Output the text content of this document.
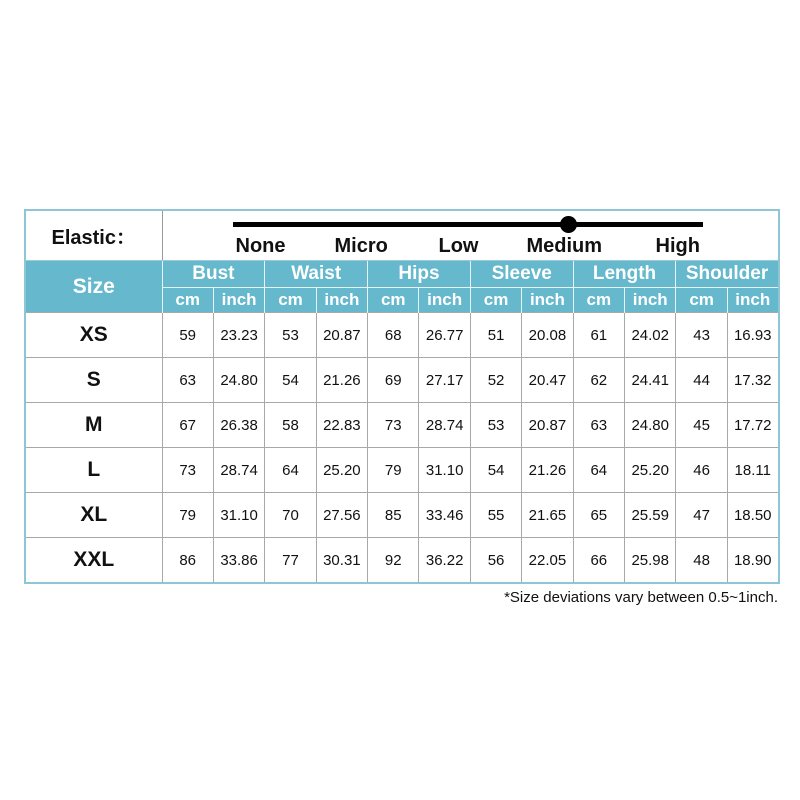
Elastic：	None Micro Low Medium High											

Size	Bust		Waist		Hips		Sleeve		Length		Shoulder	
	cm	inch	cm	inch	cm	inch	cm	inch	cm	inch	cm	inch
XS	59	23.23	53	20.87	68	26.77	51	20.08	61	24.02	43	16.93
S	63	24.80	54	21.26	69	27.17	52	20.47	62	24.41	44	17.32
M	67	26.38	58	22.83	73	28.74	53	20.87	63	24.80	45	17.72
L	73	28.74	64	25.20	79	31.10	54	21.26	64	25.20	46	18.11
XL	79	31.10	70	27.56	85	33.46	55	21.65	65	25.59	47	18.50
XXL	86	33.86	77	30.31	92	36.22	56	22.05	66	25.98	48	18.90
*Size deviations vary between 0.5~1inch.
